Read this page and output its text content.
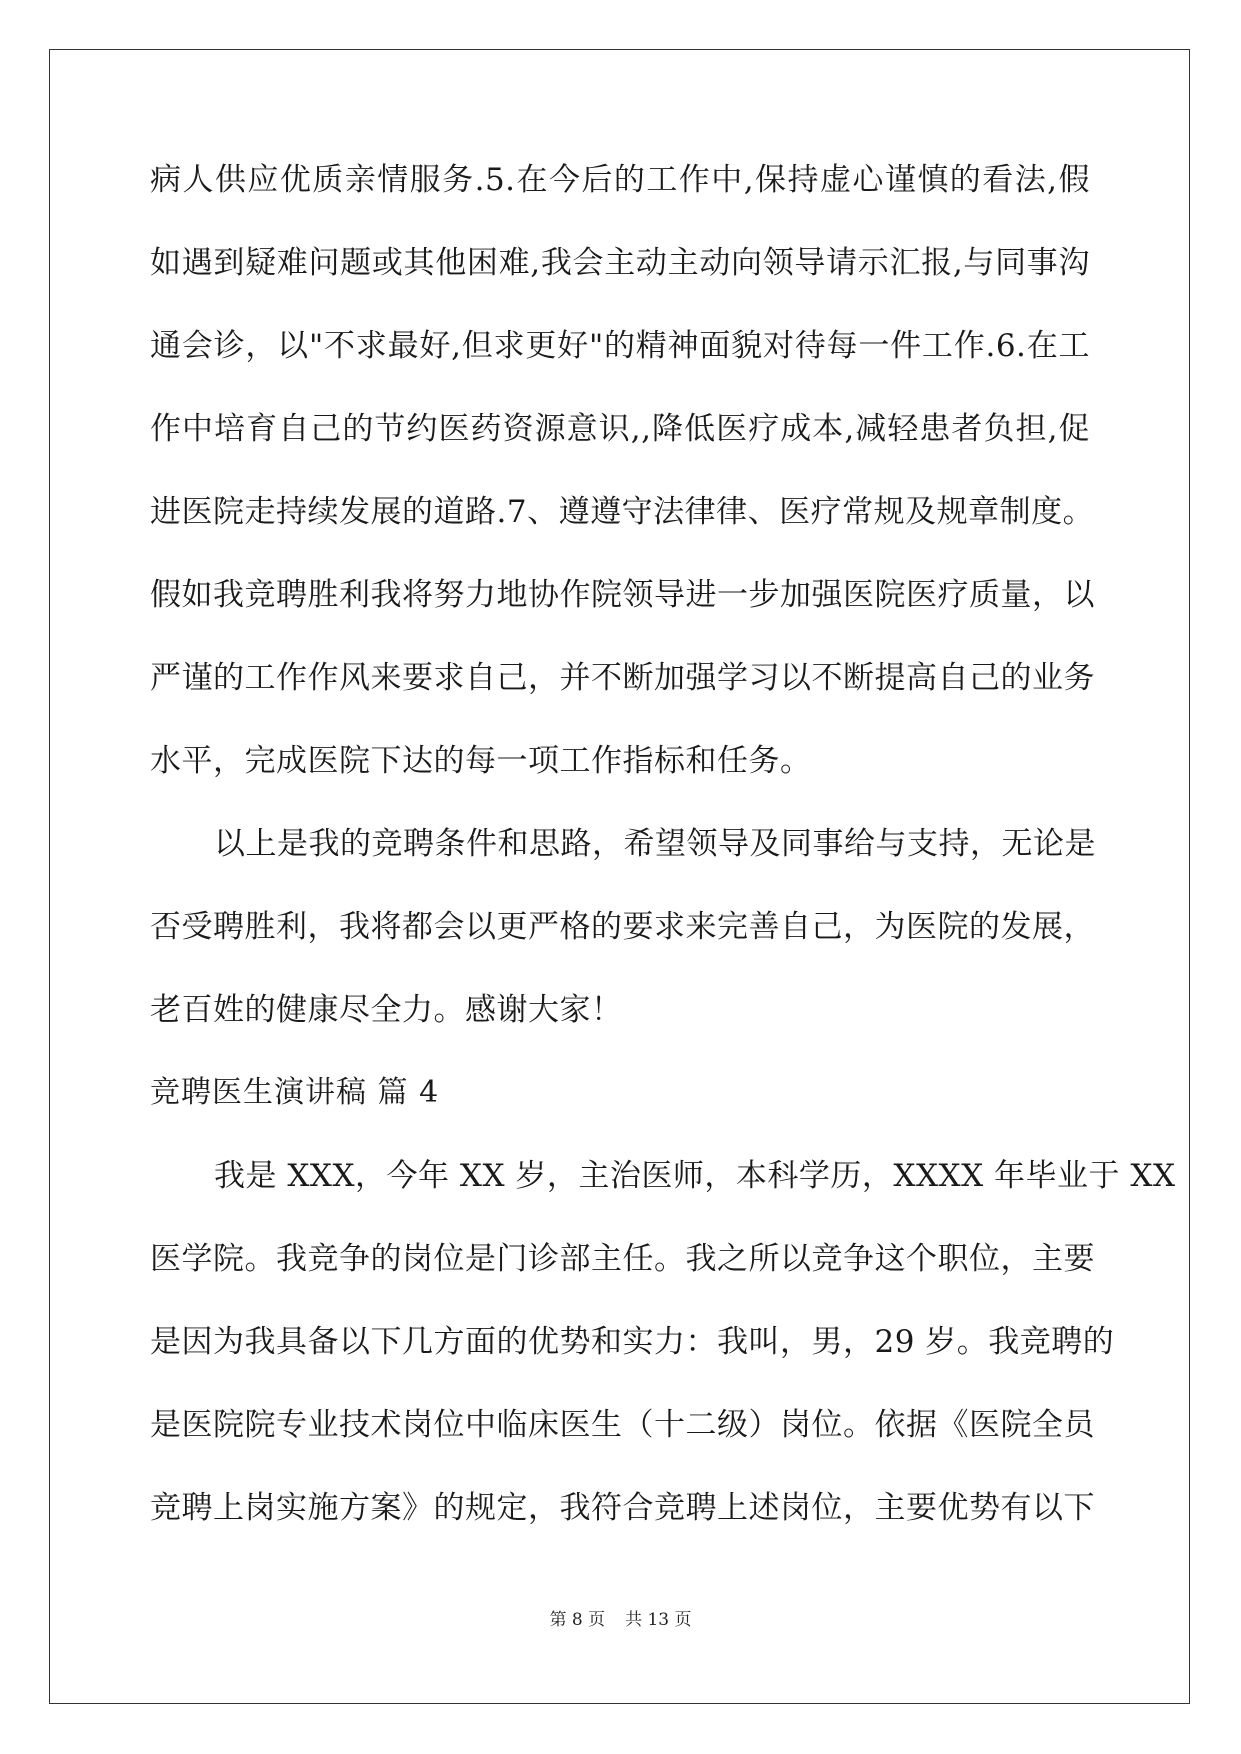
病人供应优质亲情服务.5.在今后的工作中,保持虚心谨慎的看法,假
如遇到疑难问题或其他困难,我会主动主动向领导请示汇报,与同事沟
通会诊，以"不求最好,但求更好"的精神面貌对待每一件工作.6.在工
作中培育自己的节约医药资源意识,,降低医疗成本,减轻患者负担,促
进医院走持续发展的道路.7、遵遵守法律律、医疗常规及规章制度。
假如我竞聘胜利我将努力地协作院领导进一步加强医院医疗质量，以
严谨的工作作风来要求自己，并不断加强学习以不断提高自己的业务
水平，完成医院下达的每一项工作指标和任务。
以上是我的竞聘条件和思路，希望领导及同事给与支持，无论是
否受聘胜利，我将都会以更严格的要求来完善自己，为医院的发展，
老百姓的健康尽全力。感谢大家！
竞聘医生演讲稿 篇 4
我是 XXX，今年 XX 岁，主治医师，本科学历，XXXX 年毕业于 XX
医学院。我竞争的岗位是门诊部主任。我之所以竞争这个职位，主要
是因为我具备以下几方面的优势和实力：我叫，男，29 岁。我竞聘的
是医院院专业技术岗位中临床医生（十二级）岗位。依据《医院全员
竞聘上岗实施方案》的规定，我符合竞聘上述岗位，主要优势有以下
第 8 页 共 13 页
